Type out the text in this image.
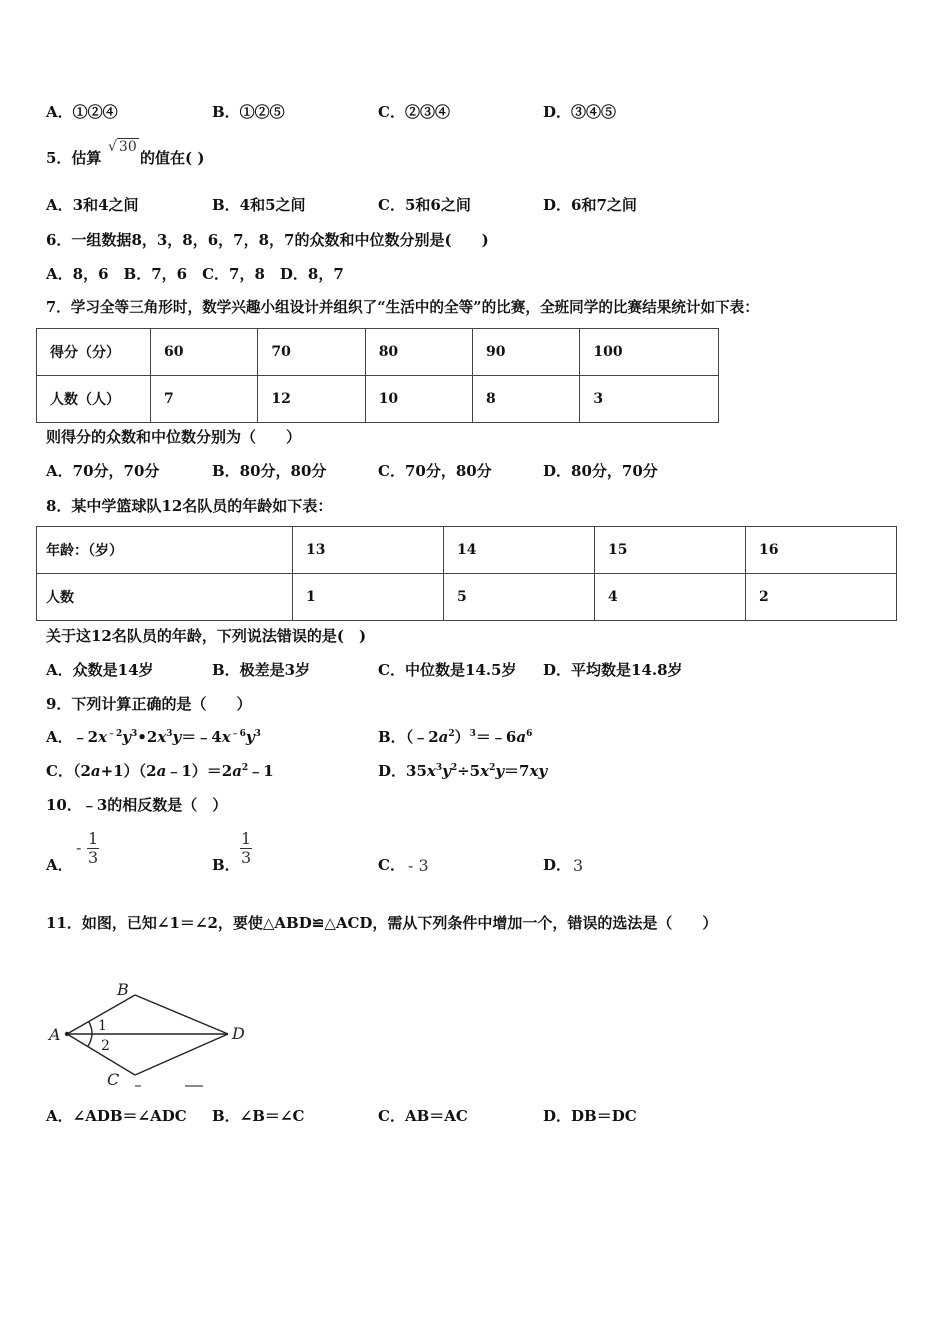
A．①②④	B．①②⑤	C．②③④	D．③④⑤
5．估算
√ 30
的值在( )
A．3和4之间	B．4和5之间	C．5和6之间	D．6和7之间
6．一组数据8，3，8，6，7，8，7的众数和中位数分别是(　　)
A．8，6　B．7，6　C．7，8　D．8，7
7．学习全等三角形时，数学兴趣小组设计并组织了“生活中的全等”的比赛，全班同学的比赛结果统计如下表：
得分（分）	60	70	80	90	100
人数（人）	7	12	10	8	3
则得分的众数和中位数分别为（　　）
A．70分，70分	B．80分，80分	C．70分，80分	D．80分，70分
8．某中学篮球队12名队员的年龄如下表：
年龄：（岁）	13	14	15	16
人数	1	5	4	2
关于这12名队员的年龄，下列说法错误的是(　)
A．众数是14岁	B．极差是3岁	C．中位数是14.5岁 D．平均数是14.8岁
9．下列计算正确的是（　　）
A．$﹣2x^{﹣2}y^3•2x^3y=﹣4x^{﹣6}y^3$	B．$(﹣2a^2)^3=﹣6a^6$
C．$(2a+1)(2a﹣1)=2a^2﹣1$	D．$35x^3y^2\div 5x^2y=7xy$
10．﹣3的相反数是（　）
A．
- $\frac{1}{3}$	B． $\frac{1}{3}$	C． - 3	D． 3
11．如图，已知∠1＝∠2，要使△ABD≌△ACD，需从下列条件中增加一个，错误的选法是（　　）
A
B
C
D
1
2
A．∠ADB＝∠ADC B．∠B＝∠C	C．AB＝AC	D．DB＝DC
